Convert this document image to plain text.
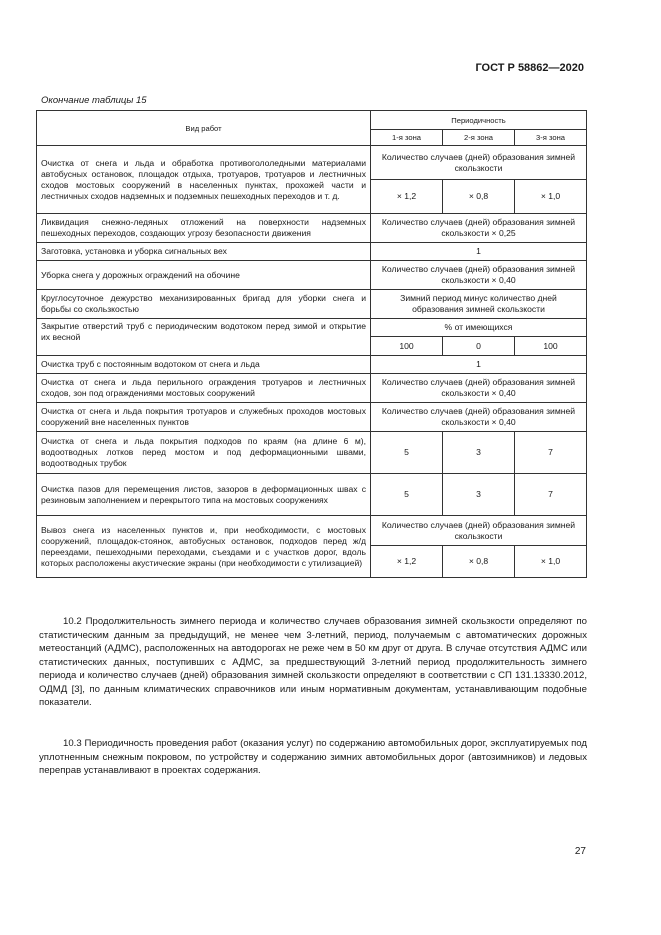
ГОСТ Р 58862—2020
Окончание таблицы 15
Вид работ	Периодичность		
	1-я зона	2-я зона	3-я зона
Очистка от снега и льда и обработка противогололедными материалами автобусных остановок, площадок отдыха, тротуаров, тротуаров и лестничных сходов мостовых сооружений в населенных пунктах, прохожей части и лестничных сходов надземных и подземных пешеходных переходов и т. д.	Количество случаев (дней) образования зимней скользкости		
	× 1,2	× 0,8	× 1,0
Ликвидация снежно-ледяных отложений на поверхности надземных пешеходных переходов, создающих угрозу безопасности движения	Количество случаев (дней) образования зимней скользкости × 0,25		
Заготовка, установка и уборка сигнальных вех	1		
Уборка снега у дорожных ограждений на обочине	Количество случаев (дней) образования зимней скользкости × 0,40		
Круглосуточное дежурство механизированных бригад для уборки снега и борьбы со скользкостью	Зимний период минус количество дней образования зимней скользкости		
Закрытие отверстий труб с периодическим водотоком перед зимой и открытие их весной	% от имеющихся		
	100	0	100
Очистка труб с постоянным водотоком от снега и льда	1		
Очистка от снега и льда перильного ограждения тротуаров и лестничных сходов, зон под ограждениями мостовых сооружений	Количество случаев (дней) образования зимней скользкости × 0,40		
Очистка от снега и льда покрытия тротуаров и служебных проходов мостовых сооружений вне населенных пунктов	Количество случаев (дней) образования зимней скользкости × 0,40		
Очистка от снега и льда покрытия подходов по краям (на длине 6 м), водоотводных лотков перед мостом и под деформационными швами, водоотводных трубок	5	3	7
Очистка пазов для перемещения листов, зазоров в деформационных швах с резиновым заполнением и перекрытого типа на мостовых сооружениях	5	3	7
Вывоз снега из населенных пунктов и, при необходимости, с мостовых сооружений, площадок-стоянок, автобусных остановок, подходов перед ж/д переездами, пешеходными переходами, съездами и с участков дорог, вдоль которых расположены акустические экраны (при необходимости с утилизацией)	Количество случаев (дней) образования зимней скользкости		
	× 1,2	× 0,8	× 1,0

10.2 Продолжительность зимнего периода и количество случаев образования зимней скользкости определяют по статистическим данным за предыдущий, не менее чем 3-летний, период, получаемым с автоматических дорожных метеостанций (АДМС), расположенных на автодорогах не реже чем в 50 км друг от друга. В случае отсутствия АДМС или статистических данных, поступивших с АДМС, за предшествующий 3-летний период продолжительность зимнего периода и количество случаев (дней) образования зимней скользкости определяют в соответствии с СП 131.13330.2012, ОДМД [3], по данным климатических справочников или иным нормативным документам, устанавливающим подобные показатели.

10.3 Периодичность проведения работ (оказания услуг) по содержанию автомобильных дорог, эксплуатируемых под уплотненным снежным покровом, по устройству и содержанию зимних автомобильных дорог (автозимников) и ледовых переправ устанавливают в проектах содержания.

27
